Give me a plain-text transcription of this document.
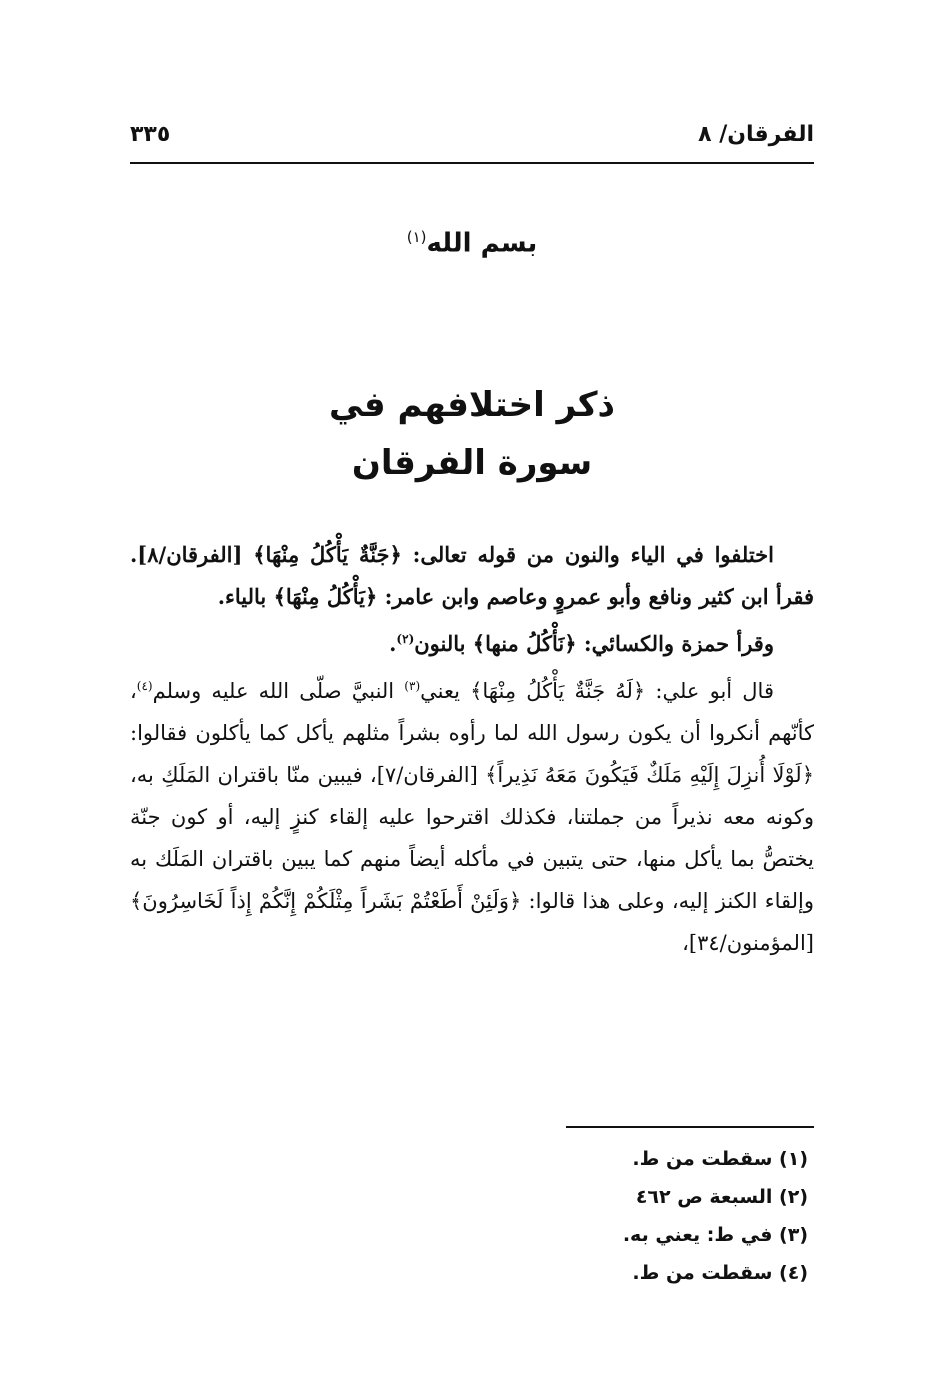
الفرقان/ ٨
٣٣٥
بسم الله$^{(١)}$
ذكر اختلافهم في
سورة الفرقان

اختلفوا في الياء والنون من قوله تعالى: ﴿جَنَّةٌ يَأْكُلُ مِنْهَا﴾ [الفرقان/٨]. فقرأ ابن كثير ونافع وأبو عمروٍ وعاصم وابن عامر: ﴿يَأْكُلُ مِنْهَا﴾ بالياء.

وقرأ حمزة والكسائي: ﴿نَأْكُلُ منها﴾ بالنون$^{(٢)}$.

قال أبو علي: ﴿لَهُ جَنَّةٌ يَأْكُلُ مِنْهَا﴾ يعني$^{(٣)}$ النبيَّ صلّى الله عليه وسلم$^{(٤)}$، كأنّهم أنكروا أن يكون رسول الله لما رأوه بشراً مثلهم يأكل كما يأكلون فقالوا: ﴿لَوْلَا أُنزِلَ إِلَيْهِ مَلَكٌ فَيَكُونَ مَعَهُ نَذِيراً﴾ [الفرقان/٧]، فيبين منّا باقتران المَلَكِ به، وكونه معه نذيراً من جملتنا، فكذلك اقترحوا عليه إلقاء كنزٍ إليه، أو كون جنّة يختصُّ بما يأكل منها، حتى يتبين في مأكله أيضاً منهم كما يبين باقتران المَلَك به وإلقاء الكنز إليه، وعلى هذا قالوا: ﴿وَلَئِنْ أَطَعْتُمْ بَشَراً مِثْلَكُمْ إِنَّكُمْ إِذاً لَخَاسِرُونَ﴾ [المؤمنون/٣٤]،

(١) سقطت من ط.
(٢) السبعة ص ٤٦٢
(٣) في ط: يعني به.
(٤) سقطت من ط.
